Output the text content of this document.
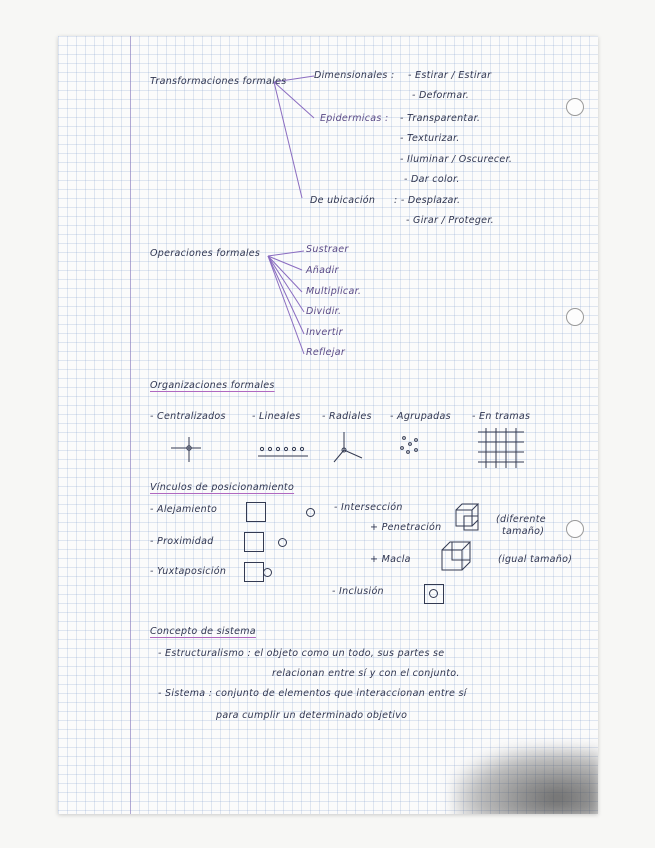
Transformaciones formales
Dimensionales : - Estirar / Estirar
- Deformar.
Epidermicas : - Transparentar.
- Texturizar.
- Iluminar / Oscurecer.
- Dar color.
De ubicación : - Desplazar.
- Girar / Proteger.
Operaciones formales	Sustraer
Añadir
Multiplicar.
Dividir.
Invertir
Reflejar
Organizaciones formales
- Centralizados	- Lineales - Radiales - Agrupadas - En tramas
Vínculos de posicionamiento
- Alejamiento
- Proximidad
- Yuxtaposición
- Intersección
+ Penetración
(diferente
tamaño)
+ Macla	(igual tamaño)
- Inclusión
Concepto de sistema
- Estructuralismo : el objeto como un todo, sus partes se
relacionan entre sí y con el conjunto.
- Sistema : conjunto de elementos que interaccionan entre sí
para cumplir un determinado objetivo
